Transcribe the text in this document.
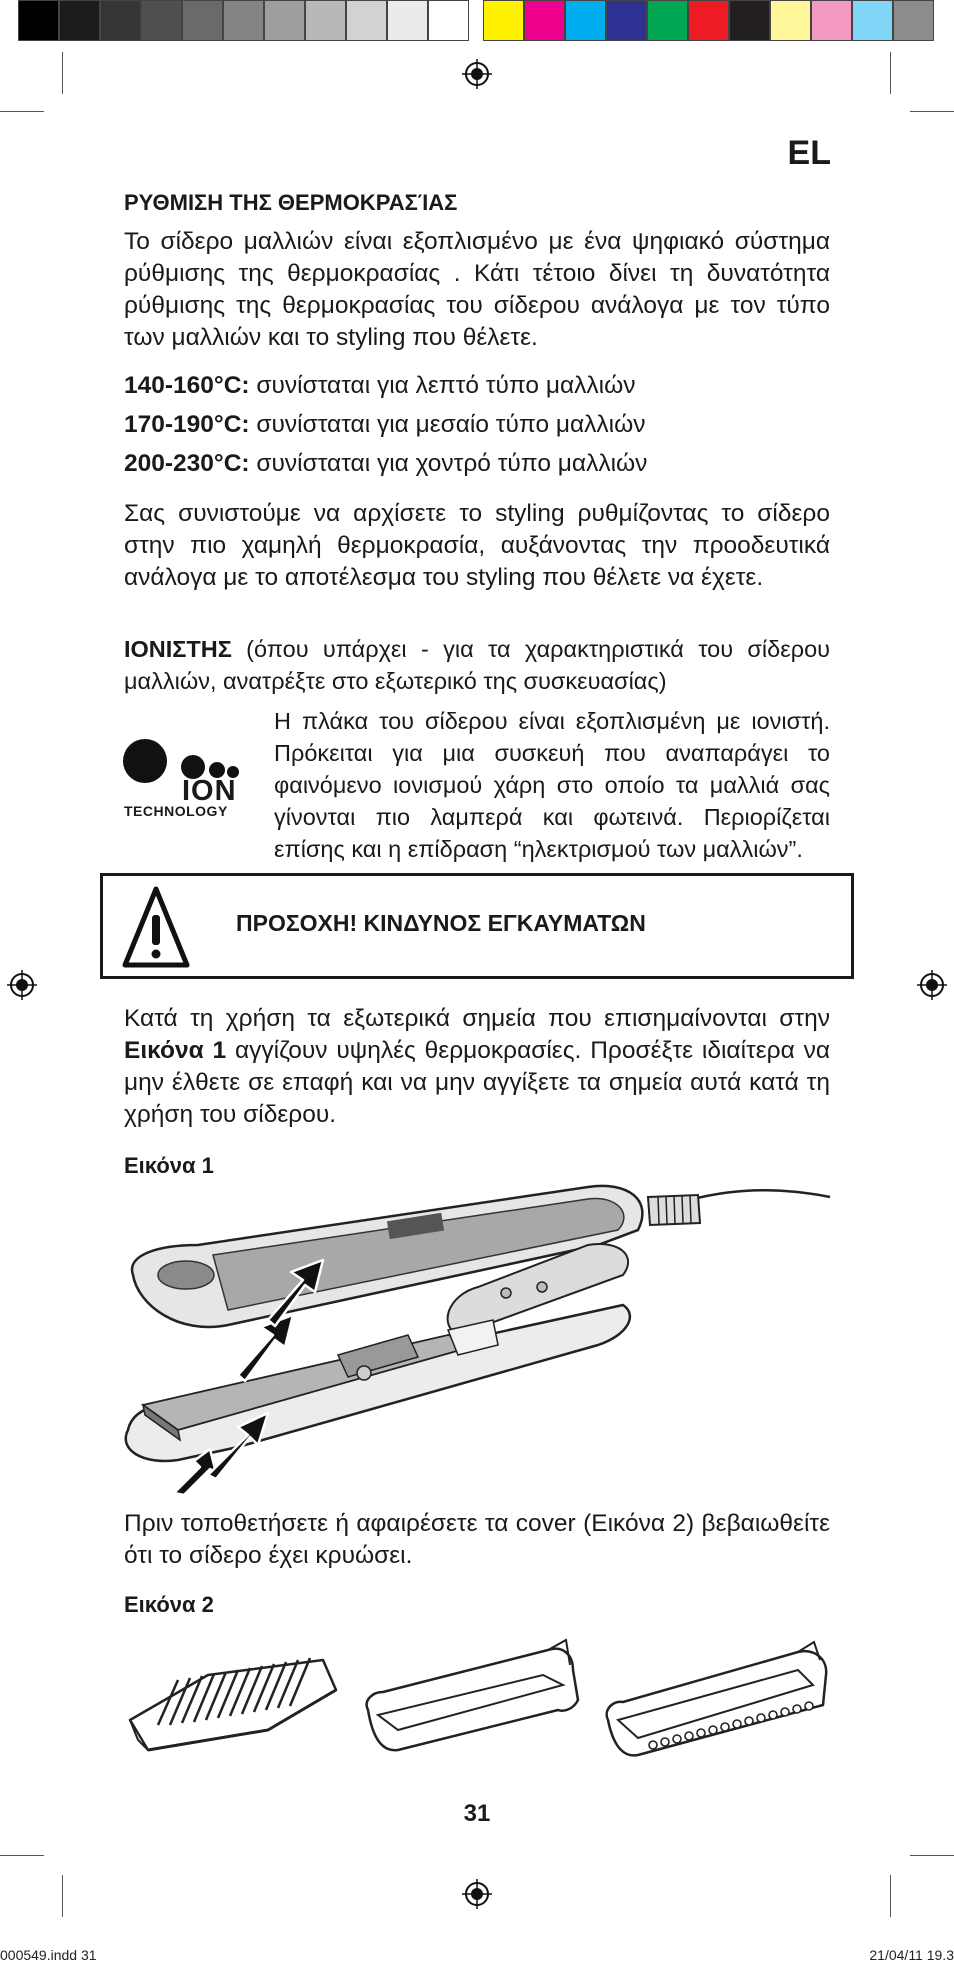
EL
ΡΥΘΜΙΣΗ ΤΗΣ ΘΕΡΜΟΚΡΑΣΊΑΣ
Το σίδερο μαλλιών είναι εξοπλισμένο με ένα ψηφιακό σύστημα ρύθμισης της θερμοκρασίας . Κάτι τέτοιο δίνει τη δυνατότητα ρύθμισης της θερμοκρασίας του σίδερου ανάλογα με τον τύπο των μαλλιών και το styling που θέλετε.
140-160°C: συνίσταται για λεπτό τύπο μαλλιών
170-190°C: συνίσταται για μεσαίο τύπο μαλλιών
200-230°C: συνίσταται για χοντρό τύπο μαλλιών
Σας συνιστούμε να αρχίσετε το styling ρυθμίζοντας το σίδερο στην πιο χαμηλή θερμοκρασία, αυξάνοντας την προοδευτικά ανάλογα με το αποτέλεσμα του styling που θέλετε να έχετε.
ΙΟΝΙΣΤΗΣ (όπου υπάρχει - για τα χαρακτηριστικά του σίδερου μαλλιών, ανατρέξτε στο εξωτερικό της συσκευασίας)
ION
TECHNOLOGY
Η πλάκα του σίδερου είναι εξοπλισμένη με ιονιστή. Πρόκειται για μια συσκευή που αναπαράγει το φαινόμενο ιονισμού χάρη στο οποίο τα μαλλιά σας γίνονται πιο λαμπερά και φωτεινά. Περιορίζεται επίσης και η επίδραση “ηλεκτρισμού των μαλλιών”.
ΠΡΟΣΟΧΗ! ΚΙΝΔΥΝΟΣ ΕΓΚΑΥΜΑΤΩΝ
Κατά τη χρήση τα εξωτερικά σημεία που επισημαίνονται στην Εικόνα 1 αγγίζουν υψηλές θερμοκρασίες. Προσέξτε ιδιαίτερα να μην έλθετε σε επαφή και να μην αγγίξετε τα σημεία αυτά κατά τη χρήση του σίδερου.
Εικόνα 1
Πριν τοποθετήσετε ή αφαιρέσετε τα cover (Εικόνα 2) βεβαιωθείτε ότι το σίδερο έχει κρυώσει.
Εικόνα 2
31
000549.indd 31	21/04/11 19.3
